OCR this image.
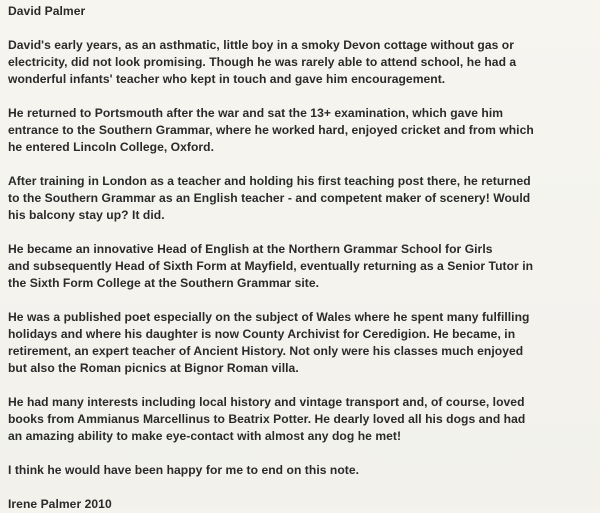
David Palmer

David's early years, as an asthmatic, little boy in a smoky Devon cottage without gas or
electricity, did not look promising. Though he was rarely able to attend school, he had a
wonderful infants' teacher who kept in touch and gave him encouragement.

He returned to Portsmouth after the war and sat the 13+ examination, which gave him
entrance to the Southern Grammar, where he worked hard, enjoyed cricket and from which
he entered Lincoln College, Oxford.

After training in London as a teacher and holding his first teaching post there, he returned
to the Southern Grammar as an English teacher - and competent maker of scenery! Would
his balcony stay up? It did.

He became an innovative Head of English at the Northern Grammar School for Girls
and subsequently Head of Sixth Form at Mayfield, eventually returning as a Senior Tutor in
the Sixth Form College at the Southern Grammar site.

He was a published poet especially on the subject of Wales where he spent many fulfilling
holidays and where his daughter is now County Archivist for Ceredigion. He became, in
retirement, an expert teacher of Ancient History. Not only were his classes much enjoyed
but also the Roman picnics at Bignor Roman villa.

He had many interests including local history and vintage transport and, of course, loved
books from Ammianus Marcellinus to Beatrix Potter. He dearly loved all his dogs and had
an amazing ability to make eye-contact with almost any dog he met!

I think he would have been happy for me to end on this note.

Irene Palmer 2010
